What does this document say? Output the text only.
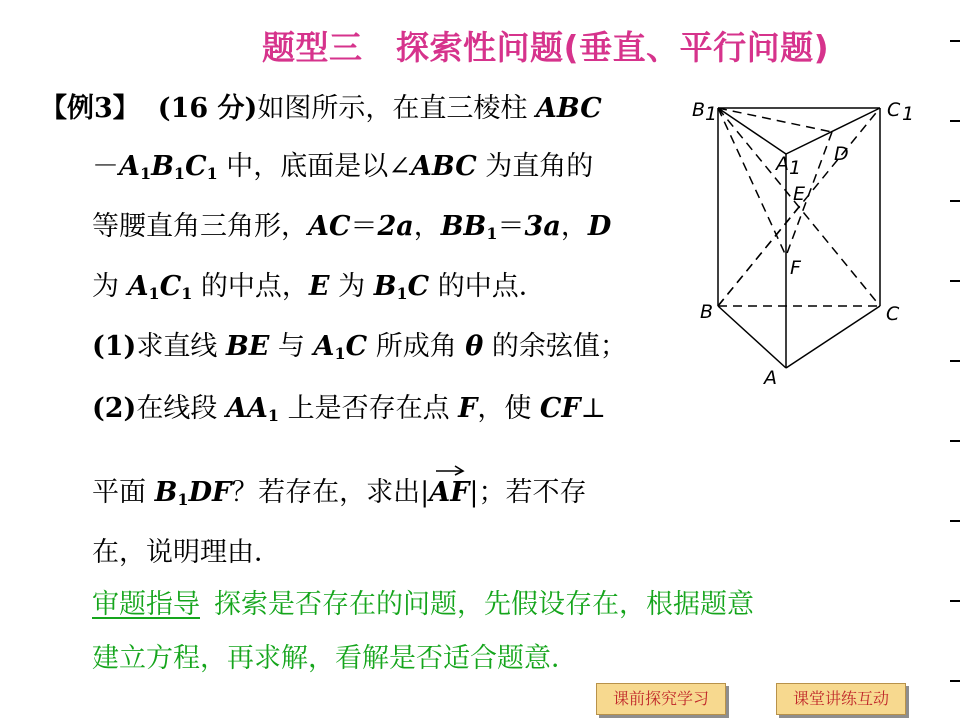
题型三　探索性问题(垂直、平行问题)
【例3】 (16 分)如图所示，在直三棱柱 ABC
$-A_1B_1C_1$ 中，底面是以∠ABC 为直角的
等腰直角三角形，AC＝2a，$BB_1=3a$，D
为 $A_1C_1$ 的中点，E 为 $B_1C$ 的中点．
(1)求直线 BE 与 $A_1C$ 所成角 θ 的余弦值；
(2)在线段 $AA_1$ 上是否存在点 F，使 CF⊥
平面 $B_1DF$？若存在，求出|
AF|；若不存
在，说明理由．
审题指导 探索是否存在的问题，先假设存在，根据题意
建立方程，再求解，看解是否适合题意．
B 1	C 1
A 1
D
E
F
B	C
A
课前探究学习	课堂讲练互动
